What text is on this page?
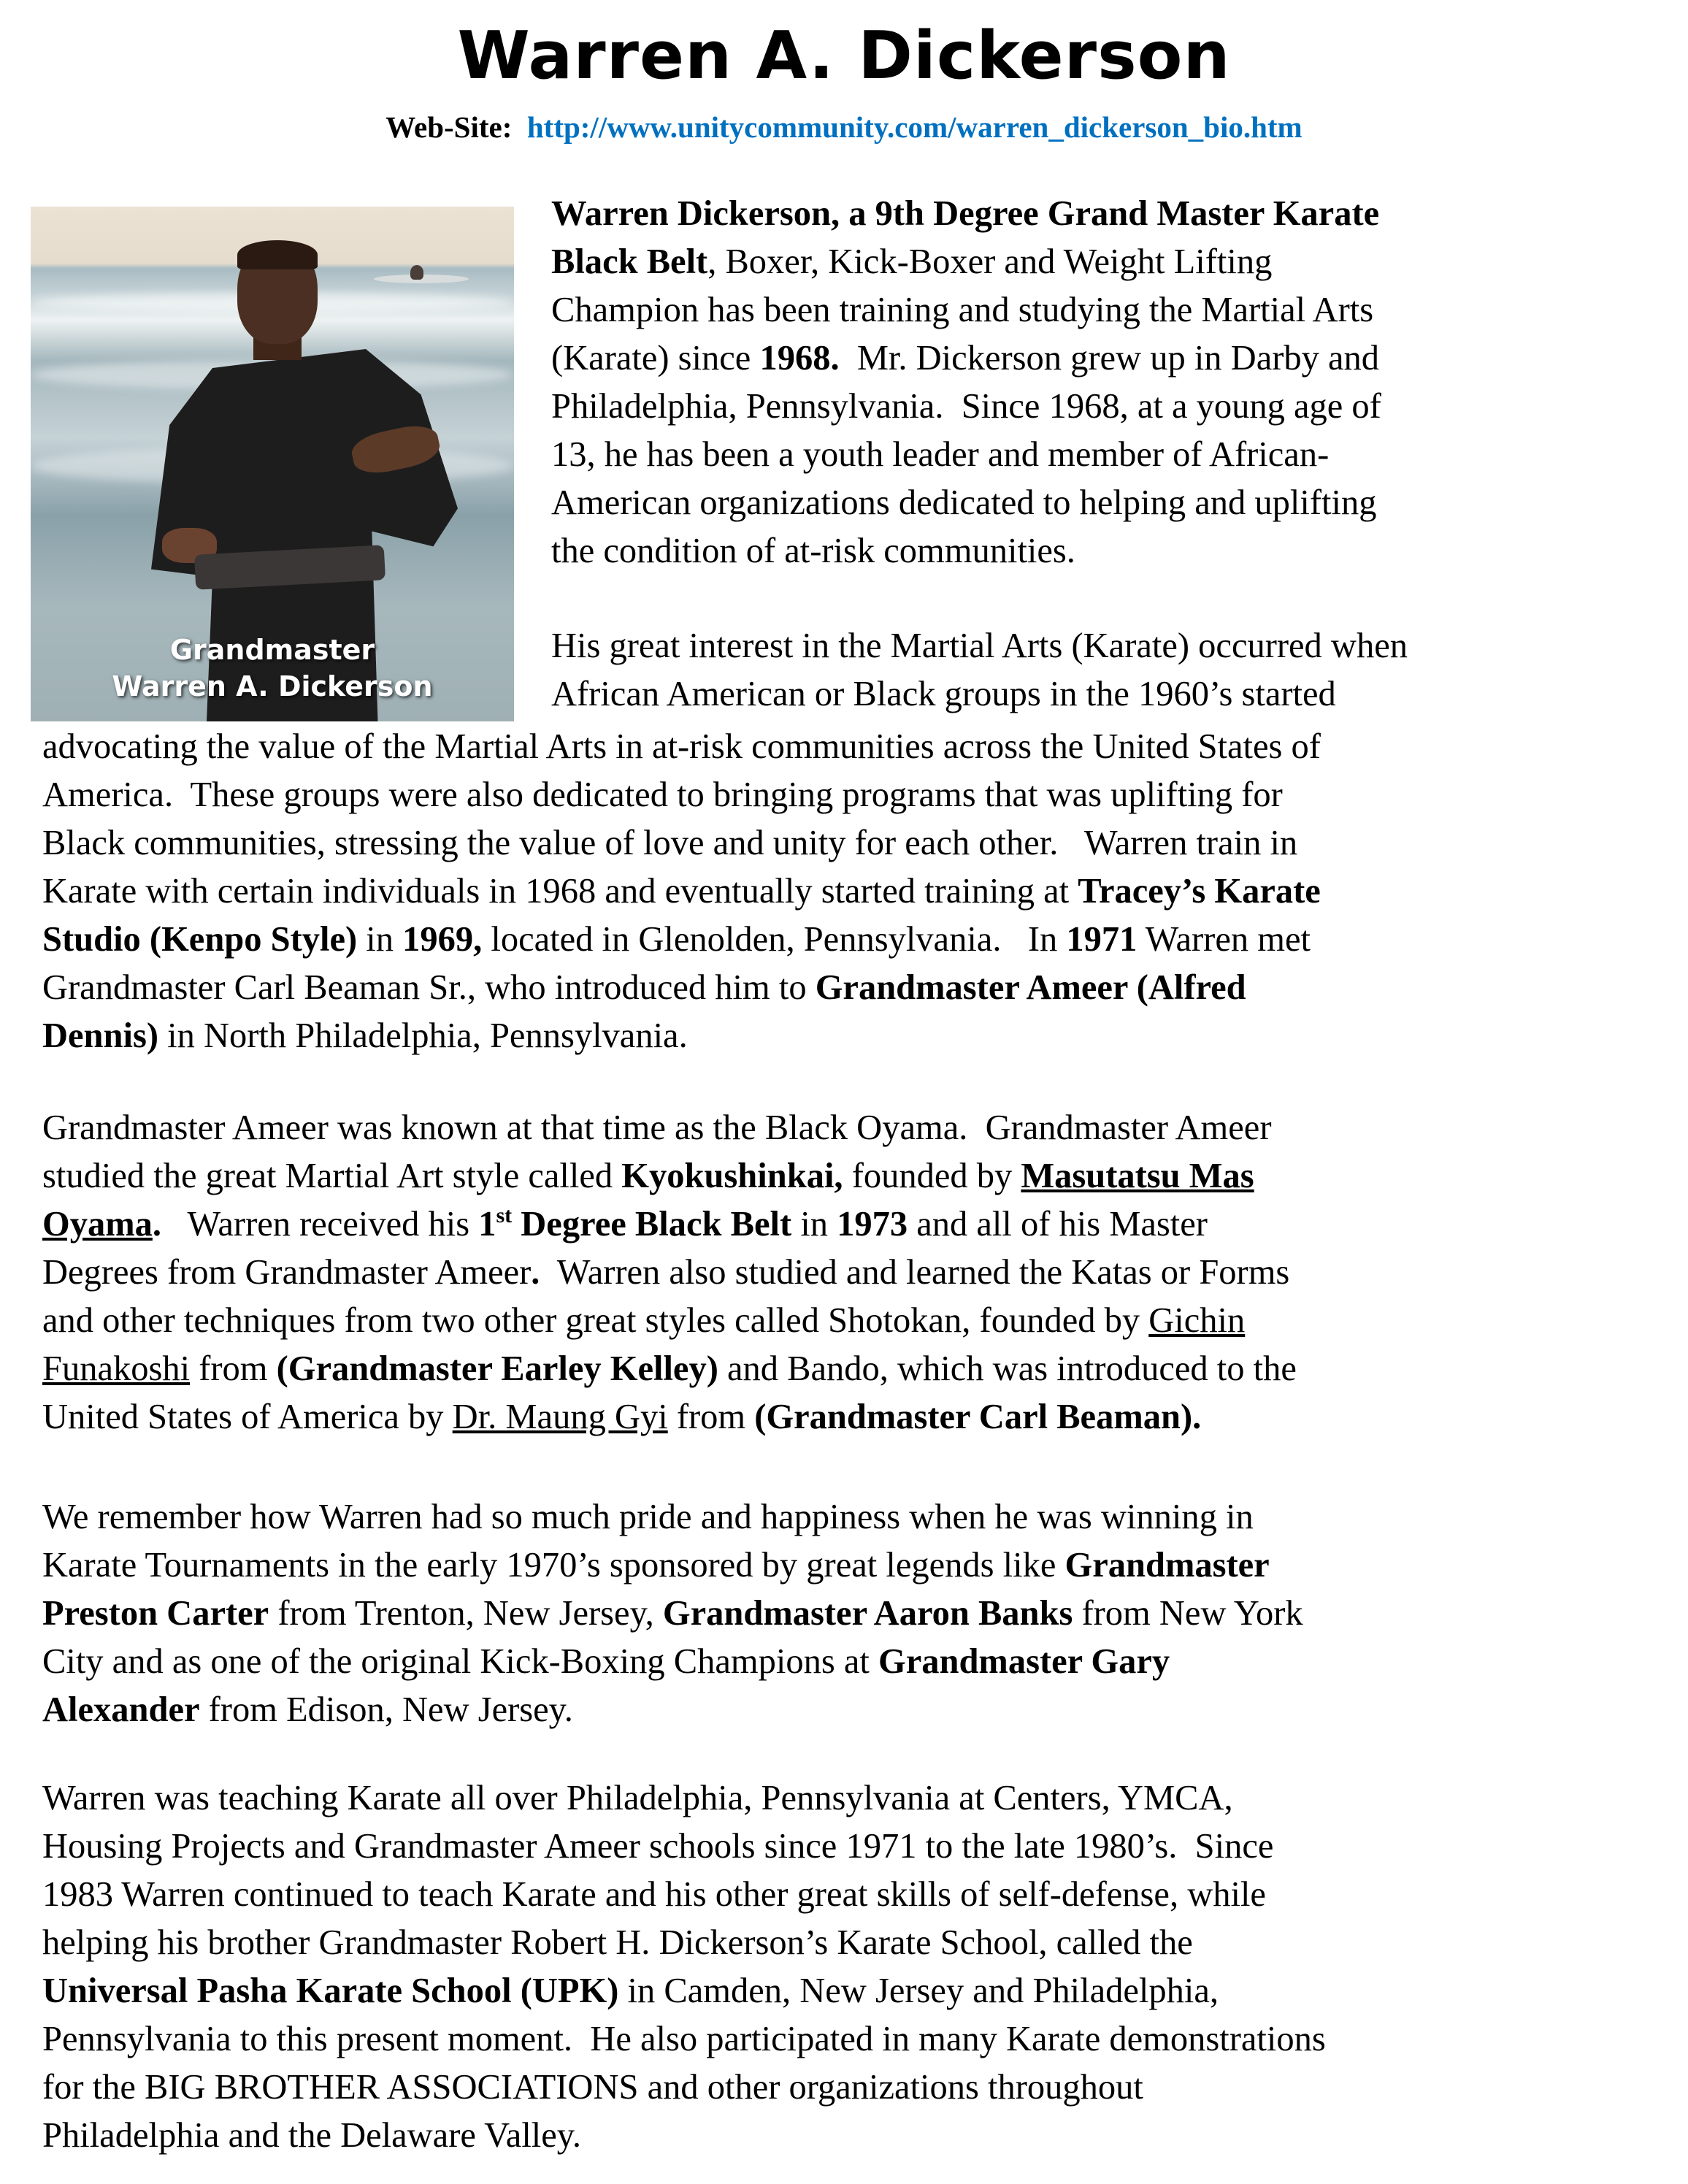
Warren A. Dickerson
Web-Site: http://www.unitycommunity.com/warren_dickerson_bio.htm
Grandmaster
Warren A. Dickerson
Warren Dickerson, a 9th Degree Grand Master Karate
Black Belt, Boxer, Kick-Boxer and Weight Lifting
Champion has been training and studying the Martial Arts
(Karate) since 1968.  Mr. Dickerson grew up in Darby and
Philadelphia, Pennsylvania.  Since 1968, at a young age of
13, he has been a youth leader and member of African-
American organizations dedicated to helping and uplifting
the condition of at-risk communities.
His great interest in the Martial Arts (Karate) occurred when
African American or Black groups in the 1960’s started
advocating the value of the Martial Arts in at-risk communities across the United States of
America.  These groups were also dedicated to bringing programs that was uplifting for
Black communities, stressing the value of love and unity for each other.   Warren train in
Karate with certain individuals in 1968 and eventually started training at Tracey’s Karate
Studio (Kenpo Style) in 1969, located in Glenolden, Pennsylvania.   In 1971 Warren met
Grandmaster Carl Beaman Sr., who introduced him to Grandmaster Ameer (Alfred
Dennis) in North Philadelphia, Pennsylvania.
Grandmaster Ameer was known at that time as the Black Oyama.  Grandmaster Ameer
studied the great Martial Art style called Kyokushinkai, founded by Masutatsu Mas
Oyama.   Warren received his 1st Degree Black Belt in 1973 and all of his Master
Degrees from Grandmaster Ameer.  Warren also studied and learned the Katas or Forms
and other techniques from two other great styles called Shotokan, founded by Gichin
Funakoshi from (Grandmaster Earley Kelley) and Bando, which was introduced to the
United States of America by Dr. Maung Gyi from (Grandmaster Carl Beaman).
We remember how Warren had so much pride and happiness when he was winning in
Karate Tournaments in the early 1970’s sponsored by great legends like Grandmaster
Preston Carter from Trenton, New Jersey, Grandmaster Aaron Banks from New York
City and as one of the original Kick-Boxing Champions at Grandmaster Gary
Alexander from Edison, New Jersey.
Warren was teaching Karate all over Philadelphia, Pennsylvania at Centers, YMCA,
Housing Projects and Grandmaster Ameer schools since 1971 to the late 1980’s.  Since
1983 Warren continued to teach Karate and his other great skills of self-defense, while
helping his brother Grandmaster Robert H. Dickerson’s Karate School, called the
Universal Pasha Karate School (UPK) in Camden, New Jersey and Philadelphia,
Pennsylvania to this present moment.  He also participated in many Karate demonstrations
for the BIG BROTHER ASSOCIATIONS and other organizations throughout
Philadelphia and the Delaware Valley.
